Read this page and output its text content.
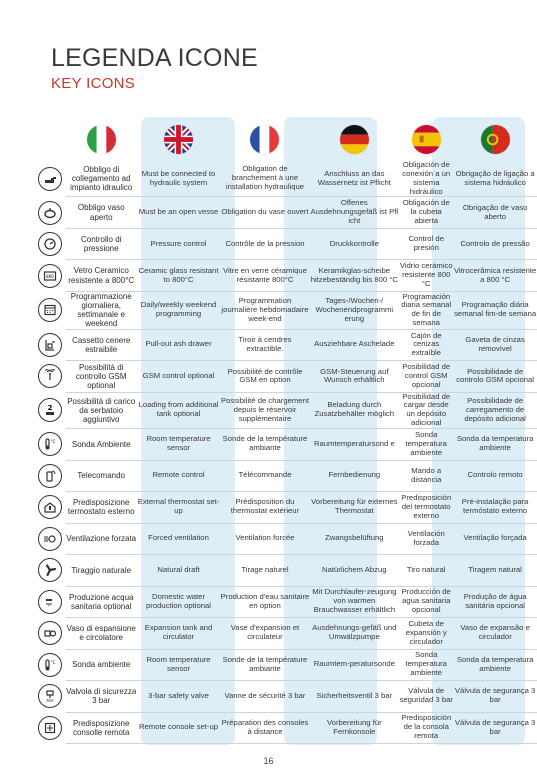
LEGENDA ICONE
KEY ICONS

	Obbligo di collegamento ad impianto idraulico	Must be connected to hydraulic system	Obligation de branchement à une installation hydraulique	Anschluss an das Wassernetz ist Pflicht	Obligación de conexión a un sistema hidráulico	Obrigação de ligação a sistema hidráulico

	Obbligo vaso aperto	Must be an open vesse	Obligation du vase ouvert	Offenes Ausdehnungsgefäß ist Pfl icht	Obligación de la cubeta abierta	Obrigação de vaso aberto

	Controllo di pressione	Pressure control	Contrôle de la pression	Druckkontrolle	Control de presión	Controlo de pressão

800	Vetro Ceramico resistente a 800°C	Ceramic glass resistant to 800°C	Vitre en verre céramique résistante 800°C	Keramikglas-scheibe hitzebeständig bis 800 °C	Vidrio cerámico resistente 800 °C	Vitrocerâmica resistente a 800 °C

	Programmazione giornaliera, settimanale e weekend	Daily/weekly weekend programming	Programmation journalière hebdomadaire week-end	Tages-/Wochen-/ Wochenendprogrammi erung	Programación diaria semanal de fin de semana	Programação diária semanal fim-de semana

	Cassetto cenere estraibile	Pull-out ash drawer	Tiroir à cendres extractible.	Ausziehbare Aschelade	Cajón de cenizas extraíble	Gaveta de cinzas removível

	Possibilità di controllo GSM optional	GSM control optional	Possibilité de contrôle GSM en option	GSM-Steuerung auf Wunsch erhältlich	Posibilidad de control GSM opcional	Possibilidade de controlo GSM opcional

2	Possibilità di carico da serbatoio aggiuntivo	Loading from additional tank optional	Possibilité de chargement depuis le réservoir supplémentaire	Beladung durch Zusatzbehälter möglich	Posibilidad de cargar desde un depósito adicional	Possibilidade de carregamento de depósito adicional

°C	Sonda Ambiente	Room temperature sensor	Sonde de la température ambiante	Raumtemperatursond e	Sonda temperatura ambiente	Sonda da temperatura ambiente

	Telecomando	Remote control	Télécommande	Fernbedienung	Mando a distancia	Controlo remoto

	Predisposizione termostato esterno	External thermostat set-up	Prédisposition du thermostat extérieur	Vorbereitung für externes Thermostat	Predisposición del termostato externo	Pré-instalação para termóstato externo

	Ventilazione forzata	Forced ventilation	Ventilation forcée	Zwangsbelüftung	Ventilación forzada	Ventilação forçada

	Tiraggio naturale	Natural draft	Tirage naturel	Natürlichem Abzug	Tiro natural	Tiragem natural

	Produzione acqua sanitaria optional	Domestic water production optional	Production d'eau sanitaire en option	Mit Durchlaufer-zeugung von warmen Brauchwasser erhältlich	Producción de agua sanitaria opcional	Produção de água sanitária opcional

	Vaso di espansione e circolatore	Expansion tank and circulator	Vase d'expansion et circulateur	Ausdehnungs-gefäß und Umwälzpumpe	Cubeta de expansión y circulador	Vaso de expansão e circulador

°C	Sonda ambiente	Room temperature sensor	Sonde de la température ambiante	Raumtem-peratursonde	Sonda temperatura ambiente	Sonda da temperatura ambiente

3bar	Valvola di sicurezza 3 bar	3-bar safety valve	Vanne de sécurité 3 bar	Sicherheitsventil 3 bar	Válvula de seguridad 3 bar	Válvula de segurança 3 bar

	Predisposizione consolle remota	Remote console set-up	Préparation des consoles à distance	Vorbereitung für Fernkonsole	Predisposición de la consola remota	Válvula de segurança 3 bar
16
